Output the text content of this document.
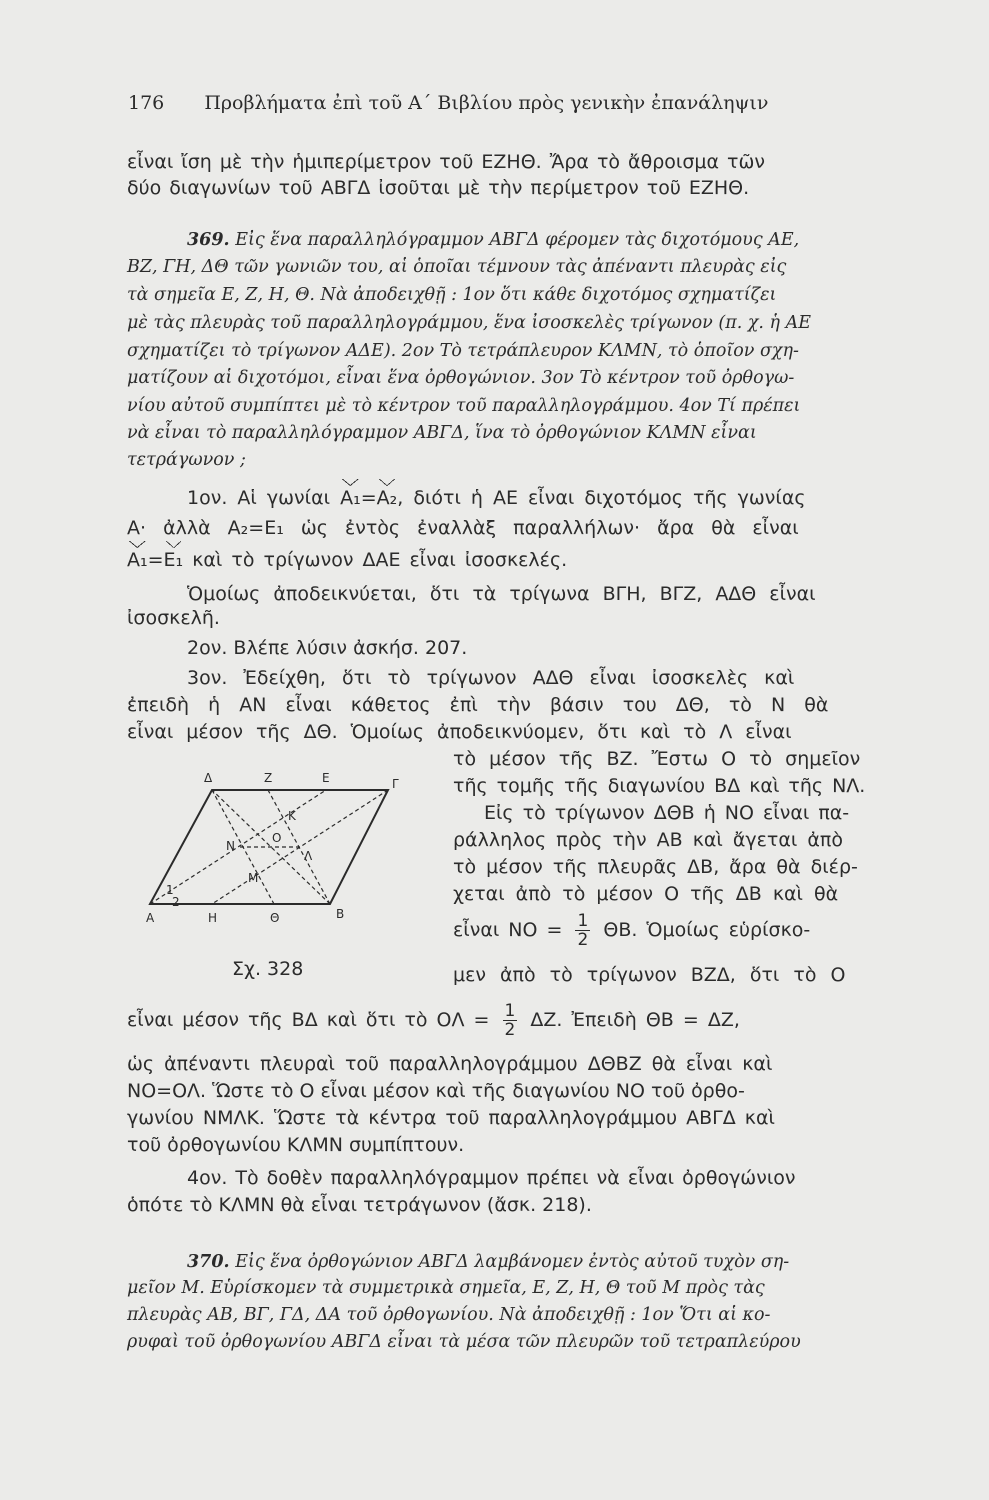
176 Προβλήματα ἐπὶ τοῦ Α΄ Βιβλίου πρὸς γενικὴν ἐπανάληψιν
εἶναι ἴση μὲ τὴν ἡμιπερίμετρον τοῦ ΕΖΗΘ. Ἄρα τὸ ἄθροισμα τῶν
δύο διαγωνίων τοῦ ΑΒΓΔ ἰσοῦται μὲ τὴν περίμετρον τοῦ ΕΖΗΘ.
369. Εἰς ἕνα παραλληλόγραμμον ΑΒΓΔ φέρομεν τὰς διχοτόμους ΑΕ,
ΒΖ, ΓΗ, ΔΘ τῶν γωνιῶν του, αἱ ὁποῖαι τέμνουν τὰς ἀπέναντι πλευρὰς εἰς
τὰ σημεῖα Ε, Ζ, Η, Θ. Νὰ ἀποδειχθῇ : 1ον ὅτι κάθε διχοτόμος σχηματίζει
μὲ τὰς πλευρὰς τοῦ παραλληλογράμμου, ἕνα ἰσοσκελὲς τρίγωνον (π. χ. ἡ ΑΕ
σχηματίζει τὸ τρίγωνον ΑΔΕ). 2ον Τὸ τετράπλευρον ΚΛΜΝ, τὸ ὁποῖον σχη-
ματίζουν αἱ διχοτόμοι, εἶναι ἕνα ὀρθογώνιον. 3ον Τὸ κέντρον τοῦ ὀρθογω-
νίου αὐτοῦ συμπίπτει μὲ τὸ κέντρον τοῦ παραλληλογράμμου. 4ον Τί πρέπει
νὰ εἶναι τὸ παραλληλόγραμμον ΑΒΓΔ, ἵνα τὸ ὀρθογώνιον ΚΛΜΝ εἶναι
τετράγωνον ;
1ον. Αἱ γωνίαι Α₁=Α₂, διότι ἡ ΑΕ εἶναι διχοτόμος τῆς γωνίας
Α· ἀλλὰ Α₂=Ε₁ ὡς ἐντὸς ἐναλλὰξ παραλλήλων· ἄρα θὰ εἶναι
Α₁=Ε₁ καὶ τὸ τρίγωνον ΔΑΕ εἶναι ἰσοσκελές.
Ὁμοίως ἀποδεικνύεται, ὅτι τὰ τρίγωνα ΒΓΗ, ΒΓΖ, ΑΔΘ εἶναι
ἰσοσκελῆ.
2ον. Βλέπε λύσιν ἀσκήσ. 207.
3ον. Ἐδείχθη, ὅτι τὸ τρίγωνον ΑΔΘ εἶναι ἰσοσκελὲς καὶ
ἐπειδὴ ἡ ΑΝ εἶναι κάθετος ἐπὶ τὴν βάσιν του ΔΘ, τὸ Ν θὰ
εἶναι μέσον τῆς ΔΘ. Ὁμοίως ἀποδεικνύομεν, ὅτι καὶ τὸ Λ εἶναι
τὸ μέσον τῆς ΒΖ. Ἔστω Ο τὸ σημεῖον
τῆς τομῆς τῆς διαγωνίου ΒΔ καὶ τῆς ΝΛ.
Εἰς τὸ τρίγωνον ΔΘΒ ἡ ΝΟ εἶναι πα-
ράλληλος πρὸς τὴν ΑΒ καὶ ἄγεται ἀπὸ
τὸ μέσον τῆς πλευρᾶς ΔΒ, ἄρα θὰ διέρ-
χεται ἀπὸ τὸ μέσον Ο τῆς ΔΒ καὶ θὰ
εἶναι $NO = \frac{1}{2} \Theta B$. Ὁμοίως εὑρίσκο-
μεν ἀπὸ τὸ τρίγωνον ΒΖΔ, ὅτι τὸ Ο
εἶναι μέσον τῆς ΒΔ καὶ ὅτι τὸ $O\Lambda = \frac{1}{2} \Delta Z$. Ἐπειδὴ ΘΒ = ΔΖ,
ὡς ἀπέναντι πλευραὶ τοῦ παραλληλογράμμου ΔΘΒΖ θὰ εἶναι καὶ
ΝΟ=ΟΛ. Ὥστε τὸ Ο εἶναι μέσον καὶ τῆς διαγωνίου ΝΟ τοῦ ὀρθο-
γωνίου ΝΜΛΚ. Ὥστε τὰ κέντρα τοῦ παραλληλογράμμου ΑΒΓΔ καὶ
τοῦ ὀρθογωνίου ΚΛΜΝ συμπίπτουν.
4ον. Τὸ δοθὲν παραλληλόγραμμον πρέπει νὰ εἶναι ὀρθογώνιον
ὁπότε τὸ ΚΛΜΝ θὰ εἶναι τετράγωνον (ἄσκ. 218).
Δ	Ζ	Ε	Γ
Α	Η	Θ	Β
Κ
Λ
Μ
Ν
Ο
1
2
Σχ. 328
370. Εἰς ἕνα ὀρθογώνιον ΑΒΓΔ λαμβάνομεν ἐντὸς αὐτοῦ τυχὸν ση-
μεῖον Μ. Εὑρίσκομεν τὰ συμμετρικὰ σημεῖα, Ε, Ζ, Η, Θ τοῦ Μ πρὸς τὰς
πλευρὰς ΑΒ, ΒΓ, ΓΔ, ΔΑ τοῦ ὀρθογωνίου. Νὰ ἀποδειχθῇ : 1ον Ὅτι αἱ κο-
ρυφαὶ τοῦ ὀρθογωνίου ΑΒΓΔ εἶναι τὰ μέσα τῶν πλευρῶν τοῦ τετραπλεύρου
